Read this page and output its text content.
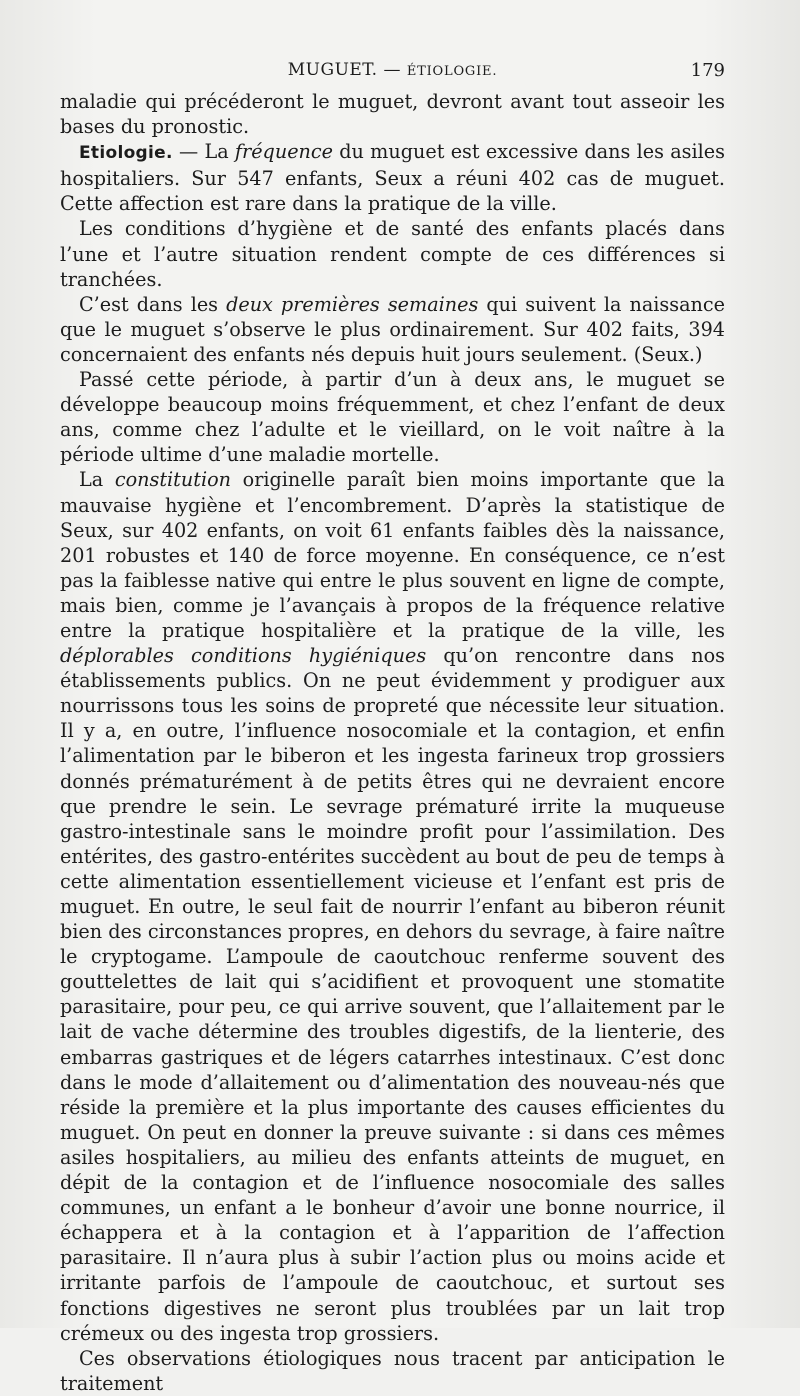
MUGUET. — ÉTIOLOGIE.	179

maladie qui précéderont le muguet, devront avant tout asseoir les bases du pronostic.

Etiologie. — La fréquence du muguet est excessive dans les asiles hospitaliers. Sur 547 enfants, Seux a réuni 402 cas de muguet. Cette affection est rare dans la pratique de la ville.

Les conditions d’hygiène et de santé des enfants placés dans l’une et l’autre situation rendent compte de ces différences si tranchées.

C’est dans les deux premières semaines qui suivent la naissance que le muguet s’observe le plus ordinairement. Sur 402 faits, 394 concernaient des enfants nés depuis huit jours seulement. (Seux.)

Passé cette période, à partir d’un à deux ans, le muguet se développe beaucoup moins fréquemment, et chez l’enfant de deux ans, comme chez l’adulte et le vieillard, on le voit naître à la période ultime d’une maladie mortelle.

La constitution originelle paraît bien moins importante que la mauvaise hygiène et l’encombrement. D’après la statistique de Seux, sur 402 enfants, on voit 61 enfants faibles dès la naissance, 201 robustes et 140 de force moyenne. En conséquence, ce n’est pas la faiblesse native qui entre le plus souvent en ligne de compte, mais bien, comme je l’avançais à propos de la fréquence relative entre la pratique hospitalière et la pratique de la ville, les déplorables conditions hygiéniques qu’on rencontre dans nos établissements publics. On ne peut évidemment y prodiguer aux nourrissons tous les soins de propreté que nécessite leur situation. Il y a, en outre, l’influence nosocomiale et la contagion, et enfin l’alimentation par le biberon et les ingesta farineux trop grossiers donnés prématurément à de petits êtres qui ne devraient encore que prendre le sein. Le sevrage prématuré irrite la muqueuse gastro-intestinale sans le moindre profit pour l’assimilation. Des entérites, des gastro-entérites succèdent au bout de peu de temps à cette alimentation essentiellement vicieuse et l’enfant est pris de muguet. En outre, le seul fait de nourrir l’enfant au biberon réunit bien des circonstances propres, en dehors du sevrage, à faire naître le cryptogame. L’ampoule de caoutchouc renferme souvent des gouttelettes de lait qui s’acidifient et provoquent une stomatite parasitaire, pour peu, ce qui arrive souvent, que l’allaitement par le lait de vache détermine des troubles digestifs, de la lienterie, des embarras gastriques et de légers catarrhes intestinaux. C’est donc dans le mode d’allaitement ou d’alimentation des nouveau-nés que réside la première et la plus importante des causes efficientes du muguet. On peut en donner la preuve suivante : si dans ces mêmes asiles hospitaliers, au milieu des enfants atteints de muguet, en dépit de la contagion et de l’influence nosocomiale des salles communes, un enfant a le bonheur d’avoir une bonne nourrice, il échappera et à la contagion et à l’apparition de l’affection parasitaire. Il n’aura plus à subir l’action plus ou moins acide et irritante parfois de l’ampoule de caoutchouc, et surtout ses fonctions digestives ne seront plus troublées par un lait trop crémeux ou des ingesta trop grossiers.

Ces observations étiologiques nous tracent par anticipation le traitement
